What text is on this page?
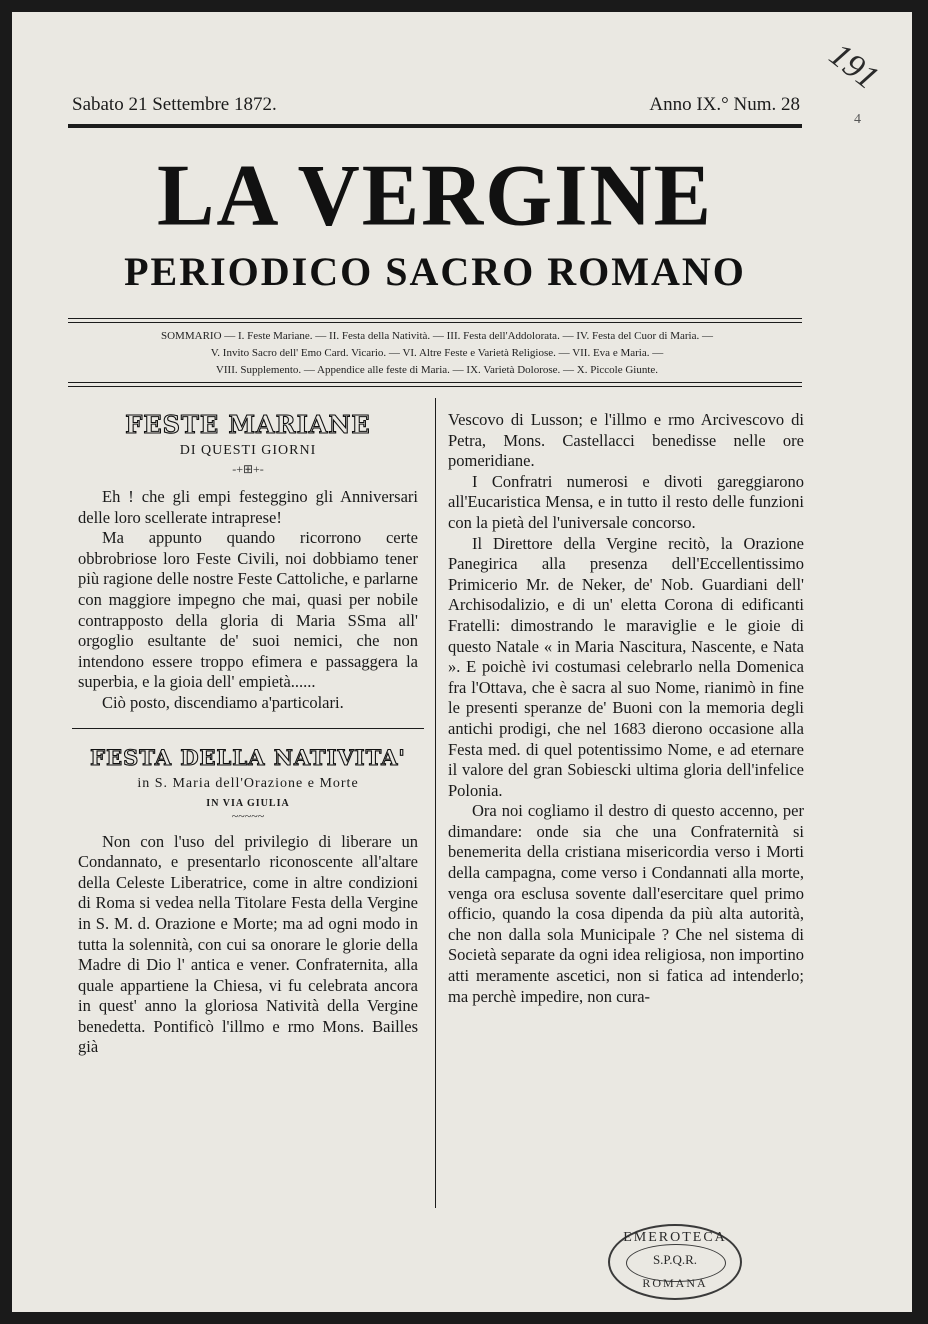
191
4
Sabato 21 Settembre 1872.	Anno IX.° Num. 28
LA VERGINE
PERIODICO SACRO ROMANO
SOMMARIO — I. Feste Mariane. — II. Festa della Natività. — III. Festa dell'Addolorata. — IV. Festa del Cuor di Maria. —
V. Invito Sacro dell' Emo Card. Vicario. — VI. Altre Feste e Varietà Religiose. — VII. Eva e Maria. —
VIII. Supplemento. — Appendice alle feste di Maria. — IX. Varietà Dolorose. — X. Piccole Giunte.
FESTE MARIANE
DI QUESTI GIORNI
-+⊞+-

Eh ! che gli empi festeggino gli Anniversari delle loro scellerate intraprese!

Ma appunto quando ricorrono certe obbrobriose loro Feste Civili, noi dobbiamo tener più ragione delle nostre Feste Cattoliche, e parlarne con maggiore impegno che mai, quasi per nobile contrapposto della gloria di Maria SSma all' orgoglio esultante de' suoi nemici, che non intendono essere troppo efimera e passaggera la superbia, e la gioia dell' empietà......

Ciò posto, discendiamo a'particolari.

FESTA DELLA NATIVITA'
in S. Maria dell'Orazione e Morte
IN VIA GIULIA
~~~~~

Non con l'uso del privilegio di liberare un Condannato, e presentarlo riconoscente all'altare della Celeste Liberatrice, come in altre condizioni di Roma si vedea nella Titolare Festa della Vergine in S. M. d. Orazione e Morte; ma ad ogni modo in tutta la solennità, con cui sa onorare le glorie della Madre di Dio l' antica e vener. Confraternita, alla quale appartiene la Chiesa, vi fu celebrata ancora in quest' anno la gloriosa Natività della Vergine benedetta. Pontificò l'illmo e rmo Mons. Bailles già

Vescovo di Lusson; e l'illmo e rmo Arcivescovo di Petra, Mons. Castellacci benedisse nelle ore pomeridiane.

I Confratri numerosi e divoti gareggiarono all'Eucaristica Mensa, e in tutto il resto delle funzioni con la pietà del l'universale concorso.

Il Direttore della Vergine recitò, la Orazione Panegirica alla presenza dell'Eccellentissimo Primicerio Mr. de Neker, de' Nob. Guardiani dell' Archisodalizio, e di un' eletta Corona di edificanti Fratelli: dimostrando le maraviglie e le gioie di questo Natale « in Maria Nascitura, Nascente, e Nata ». E poichè ivi costumasi celebrarlo nella Domenica fra l'Ottava, che è sacra al suo Nome, rianimò in fine le presenti speranze de' Buoni con la memoria degli antichi prodigi, che nel 1683 dierono occasione alla Festa med. di quel potentissimo Nome, e ad eternare il valore del gran Sobiescki ultima gloria dell'infelice Polonia.

Ora noi cogliamo il destro di questo accenno, per dimandare: onde sia che una Confraternità si benemerita della cristiana misericordia verso i Morti della campagna, come verso i Condannati alla morte, venga ora esclusa sovente dall'esercitare quel primo officio, quando la cosa dipenda da più alta autorità, che non dalla sola Municipale ? Che nel sistema di Società separate da ogni idea religiosa, non importino atti meramente ascetici, non si fatica ad intenderlo; ma perchè impedire, non cura-

EMEROTECA
S.P.Q.R.
ROMANA
